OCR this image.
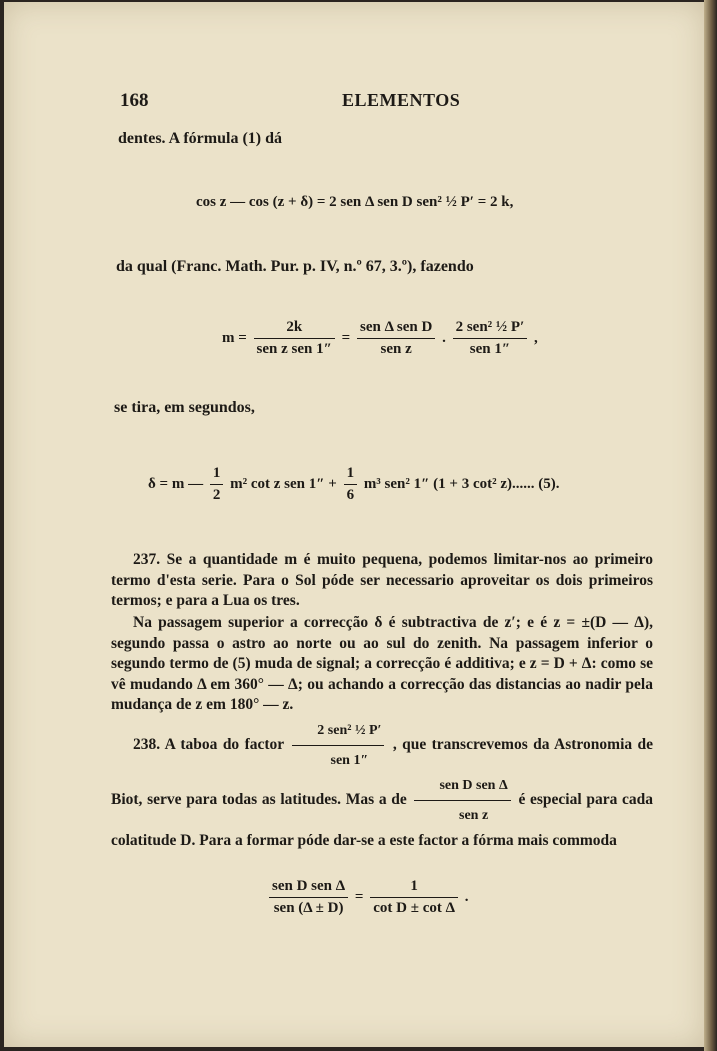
168	ELEMENTOS
dentes. A fórmula (1) dá
cos z — cos (z + δ) = 2 sen Δ sen D sen² ½ P′ = 2 k,
da qual (Franc. Math. Pur. p. IV, n.º 67, 3.º), fazendo
$m = \frac{2k}{\text{sen z sen 1″}} = \frac{\text{sen Δ sen D}}{\text{sen z}}$ . $\frac{\text{2 sen² ½ P′}}{\text{sen 1″}}$ ,
se tira, em segundos,
δ = m — $\frac{1}{2} m^2$ cot z sen $1'' + \frac{1}{6} m^3$ sen² 1″ (1 + 3 cot² z)...... (5).
237. Se a quantidade m é muito pequena, podemos limitar-nos ao primeiro termo d'esta serie. Para o Sol póde ser necessario aproveitar os dois primeiros termos; e para a Lua os tres.
Na passagem superior a correcção δ é subtractiva de z′; e é z = ±(D — Δ), segundo passa o astro ao norte ou ao sul do zenith. Na passagem inferior o segundo termo de (5) muda de signal; a correcção é additiva; e z = D + Δ: como se vê mudando Δ em 360° — Δ; ou achando a correcção das distancias ao nadir pela mudança de z em 180° — z.
238. A taboa do factor $\frac{\text{2 sen² ½ P′}}{\text{sen 1″}}$ , que transcrevemos da Astronomia de Biot, serve para todas as latitudes. Mas a de $\frac{\text{sen D sen Δ}}{\text{sen z}}$ é especial para cada colatitude D. Para a formar póde dar-se a este factor a fórma mais commoda
$\frac{\text{sen D sen Δ}}{\text{sen (Δ ± D)}} = \frac{1}{\text{cot D ± cot Δ}}$ .
